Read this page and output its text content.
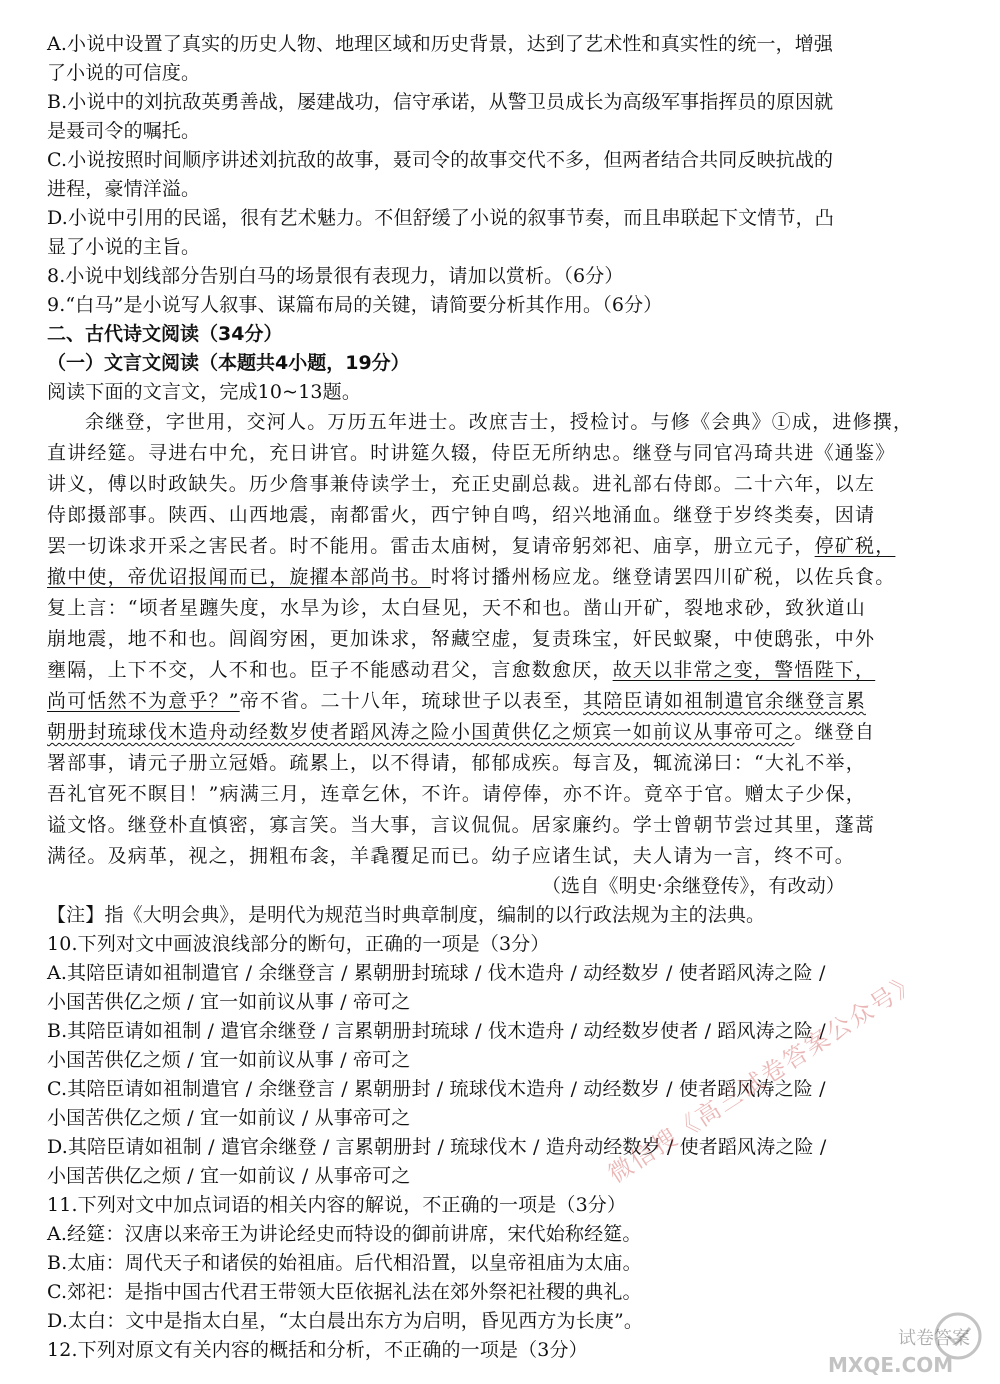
A.小说中设置了真实的历史人物、地理区域和历史背景，达到了艺术性和真实性的统一，增强
了小说的可信度。
B.小说中的刘抗敌英勇善战，屡建战功，信守承诺，从警卫员成长为高级军事指挥员的原因就
是聂司令的嘱托。
C.小说按照时间顺序讲述刘抗敌的故事，聂司令的故事交代不多，但两者结合共同反映抗战的
进程，豪情洋溢。
D.小说中引用的民谣，很有艺术魅力。不但舒缓了小说的叙事节奏，而且串联起下文情节，凸
显了小说的主旨。
8.小说中划线部分告别白马的场景很有表现力，请加以赏析。（6分）
9.“白马”是小说写人叙事、谋篇布局的关键，请简要分析其作用。（6分）
二、古代诗文阅读（34分）
（一）文言文阅读（本题共4小题，19分）
阅读下面的文言文，完成10~13题。
余继登，字世用，交河人。万历五年进士。改庶吉士，授检讨。与修《会典》①成，进修撰，
直讲经筵。寻进右中允，充日讲官。时讲筵久辍，侍臣无所纳忠。继登与同官冯琦共进《通鉴》
讲义，傅以时政缺失。历少詹事兼侍读学士，充正史副总裁。进礼部右侍郎。二十六年，以左
侍郎摄部事。陕西、山西地震，南都雷火，西宁钟自鸣，绍兴地涌血。继登于岁终类奏，因请
罢一切诛求开采之害民者。时不能用。雷击太庙树，复请帝躬郊祀、庙享，册立元子，停矿税，
撤中使，帝优诏报闻而已，旋擢本部尚书。时将讨播州杨应龙。继登请罢四川矿税，以佐兵食。
复上言：“顷者星躔失度，水旱为诊，太白昼见，天不和也。凿山开矿，裂地求砂，致狄道山
崩地震，地不和也。闾阎穷困，更加诛求，帑藏空虚，复责珠宝，奸民蚁聚，中使鸱张，中外
壅隔，上下不交，人不和也。臣子不能感动君父，言愈数愈厌，故天以非常之变，警悟陛下，
尚可恬然不为意乎？”帝不省。二十八年，琉球世子以表至，其陪臣请如祖制遣官余继登言累
朝册封琉球伐木造舟动经数岁使者蹈风涛之险小国黄供亿之烦宾一如前议从事帝可之。继登自
署部事，请元子册立冠婚。疏累上，以不得请，郁郁成疾。每言及，辄流涕曰：“大礼不举，
吾礼官死不瞑目！”病满三月，连章乞休，不许。请停俸，亦不许。竟卒于官。赠太子少保，
谥文恪。继登朴直慎密，寡言笑。当大事，言议侃侃。居家廉约。学士曾朝节尝过其里，蓬蒿
满径。及病革，视之，拥粗布衾，羊毳覆足而已。幼子应诸生试，夫人请为一言，终不可。
（选自《明史·余继登传》，有改动）
【注】指《大明会典》，是明代为规范当时典章制度，编制的以行政法规为主的法典。
10.下列对文中画波浪线部分的断句，正确的一项是（3分）
A.其陪臣请如祖制遣官 / 余继登言 / 累朝册封琉球 / 伐木造舟 / 动经数岁 / 使者蹈风涛之险 /
小国苦供亿之烦 / 宜一如前议从事 / 帝可之
B.其陪臣请如祖制 / 遣官余继登 / 言累朝册封琉球 / 伐木造舟 / 动经数岁使者 / 蹈风涛之险 /
小国苦供亿之烦 / 宜一如前议从事 / 帝可之
C.其陪臣请如祖制遣官 / 余继登言 / 累朝册封 / 琉球伐木造舟 / 动经数岁 / 使者蹈风涛之险 /
小国苦供亿之烦 / 宜一如前议 / 从事帝可之
D.其陪臣请如祖制 / 遣官余继登 / 言累朝册封 / 琉球伐木 / 造舟动经数岁 / 使者蹈风涛之险 /
小国苦供亿之烦 / 宜一如前议 / 从事帝可之
11.下列对文中加点词语的相关内容的解说，不正确的一项是（3分）
A.经筵：汉唐以来帝王为讲论经史而特设的御前讲席，宋代始称经筵。
B.太庙：周代天子和诸侯的始祖庙。后代相沿置，以皇帝祖庙为太庙。
C.郊祀：是指中国古代君王带领大臣依据礼法在郊外祭祀社稷的典礼。
D.太白：文中是指太白星，“太白晨出东方为启明，昏见西方为长庚”。
12.下列对原文有关内容的概括和分析，不正确的一项是（3分）
微信搜《高三试卷答案公众号》
MXQE.COM
试卷答案
